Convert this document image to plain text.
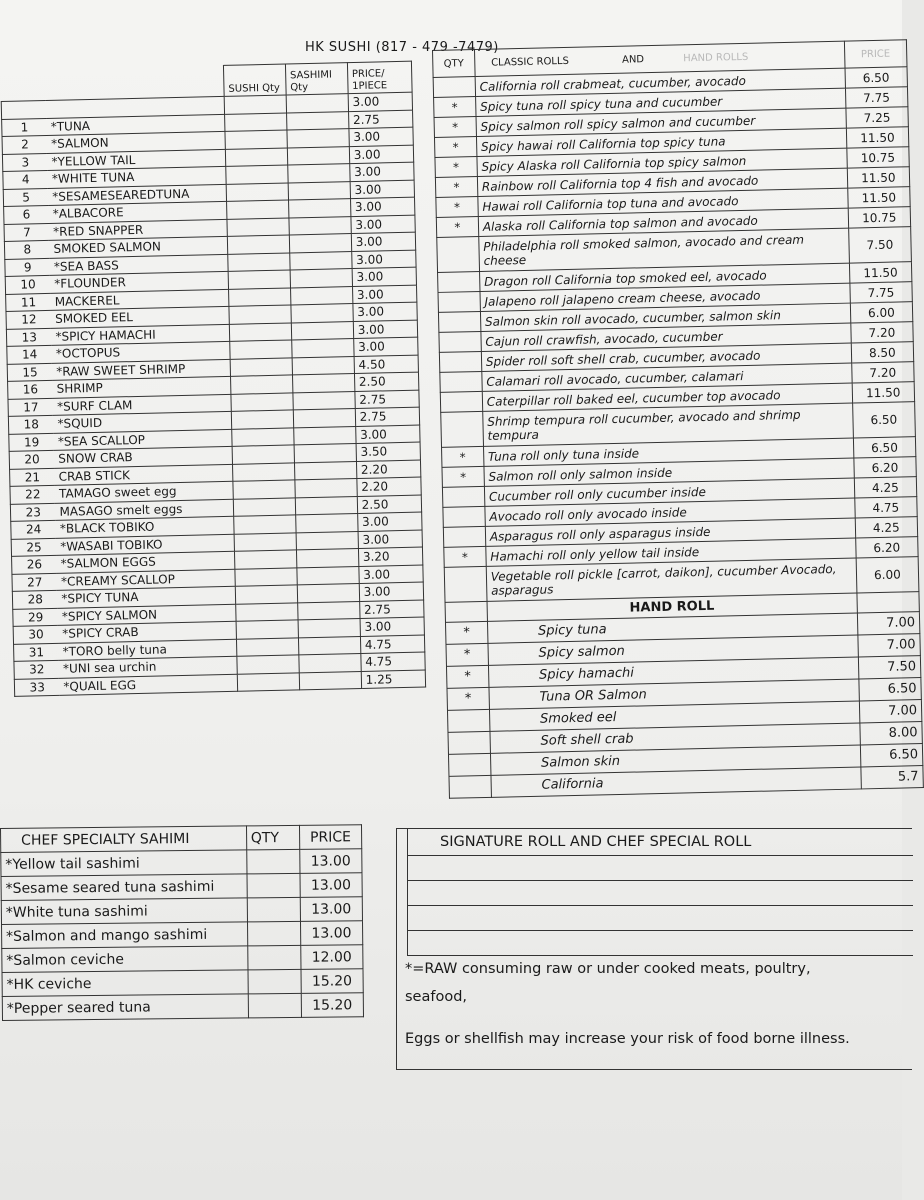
HK SUSHI (817 - 479 -7479)
		SUSHI Qty	SASHIMI Qty	PRICE/ 1PIECE
				3.00
1	*TUNA			2.75
2	*SALMON			3.00
3	*YELLOW TAIL			3.00
4	*WHITE TUNA			3.00
5	*SESAMESEAREDTUNA			3.00
6	*ALBACORE			3.00
7	*RED SNAPPER			3.00
8	SMOKED SALMON			3.00
9	*SEA BASS			3.00
10	*FLOUNDER			3.00
11	MACKEREL			3.00
12	SMOKED EEL			3.00
13	*SPICY HAMACHI			3.00
14	*OCTOPUS			3.00
15	*RAW SWEET SHRIMP			4.50
16	SHRIMP			2.50
17	*SURF CLAM			2.75
18	*SQUID			2.75
19	*SEA SCALLOP			3.00
20	SNOW CRAB			3.50
21	CRAB STICK			2.20
22	TAMAGO sweet egg			2.20
23	MASAGO smelt eggs			2.50
24	*BLACK TOBIKO			3.00
25	*WASABI TOBIKO			3.00
26	*SALMON EGGS			3.20
27	*CREAMY SCALLOP			3.00
28	*SPICY TUNA			3.00
29	*SPICY SALMON			2.75
30	*SPICY CRAB			3.00
31	*TORO belly tuna			4.75
32	*UNI sea urchin			4.75
33	*QUAIL EGG			1.25
QTY	CLASSIC ROLLS AND HAND ROLLS	PRICE
	California roll crabmeat, cucumber, avocado	6.50
*	Spicy tuna roll spicy tuna and cucumber	7.75
*	Spicy salmon roll spicy salmon and cucumber	7.25
*	Spicy hawai roll California top spicy tuna	11.50
*	Spicy Alaska roll California top spicy salmon	10.75
*	Rainbow roll California top 4 fish and avocado	11.50
*	Hawai roll California top tuna and avocado	11.50
*	Alaska roll California top salmon and avocado	10.75
	Philadelphia roll smoked salmon, avocado and cream cheese	7.50
	Dragon roll California top smoked eel, avocado	11.50
	Jalapeno roll jalapeno cream cheese, avocado	7.75
	Salmon skin roll avocado, cucumber, salmon skin	6.00
	Cajun roll crawfish, avocado, cucumber	7.20
	Spider roll soft shell crab, cucumber, avocado	8.50
	Calamari roll avocado, cucumber, calamari	7.20
	Caterpillar roll baked eel, cucumber top avocado	11.50
	Shrimp tempura roll cucumber, avocado and shrimp tempura	6.50
*	Tuna roll only tuna inside	6.50
*	Salmon roll only salmon inside	6.20
	Cucumber roll only cucumber inside	4.25
	Avocado roll only avocado inside	4.75
	Asparagus roll only asparagus inside	4.25
*	Hamachi roll only yellow tail inside	6.20
	Vegetable roll pickle [carrot, daikon], cucumber Avocado, asparagus	6.00
	HAND ROLL	
*	Spicy tuna	7.00
*	Spicy salmon	7.00
*	Spicy hamachi	7.50
*	Tuna OR Salmon	6.50
	Smoked eel	7.00
	Soft shell crab	8.00
	Salmon skin	6.50
	California	5.7
CHEF SPECIALTY SAHIMI	QTY	PRICE
*Yellow tail sashimi		13.00
*Sesame seared tuna sashimi		13.00
*White tuna sashimi		13.00
*Salmon and mango sashimi		13.00
*Salmon ceviche		12.00
*HK ceviche		15.20
*Pepper seared tuna		15.20
SIGNATURE ROLL AND CHEF SPECIAL ROLL
*=RAW consuming raw or under cooked meats, poultry,
seafood,
Eggs or shellfish may increase your risk of food borne illness.
